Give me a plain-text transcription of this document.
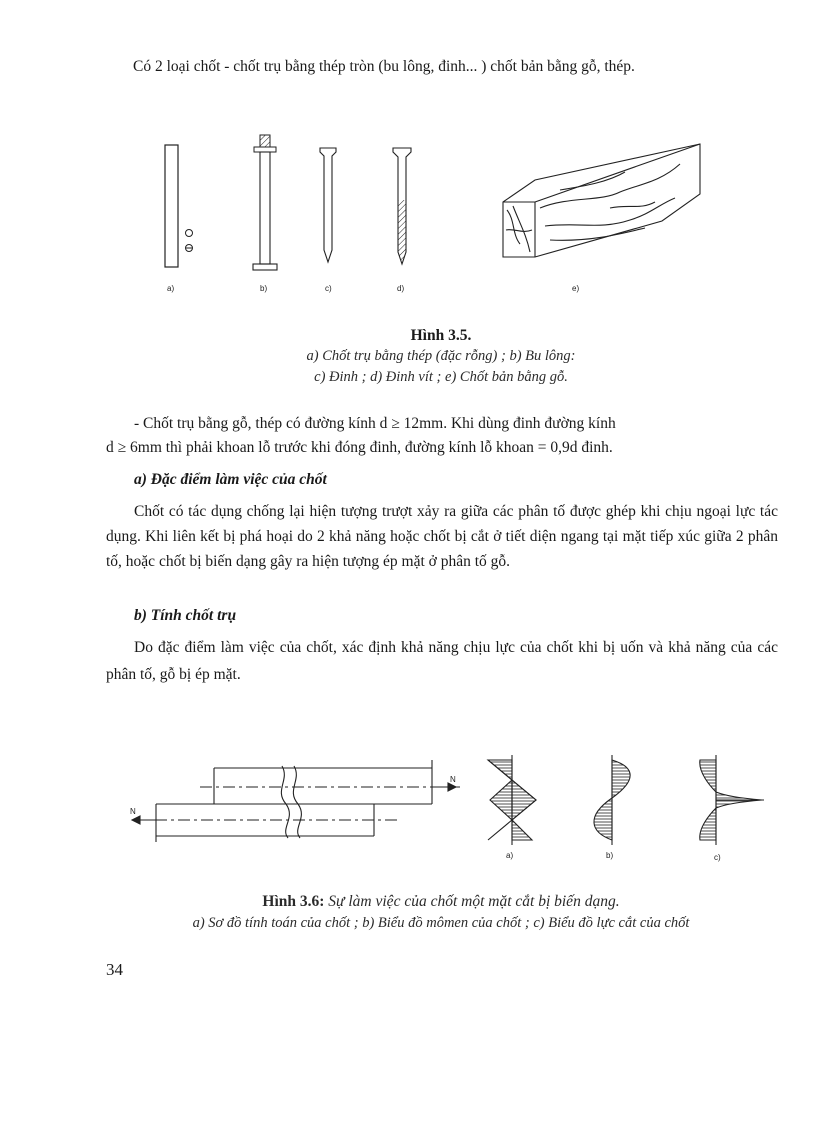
Có 2 loại chốt - chốt trụ bằng thép tròn (bu lông, đinh... ) chốt bản bằng gỗ, thép.

a)	b)	c)	d)	e)
Hình 3.5.
a) Chốt trụ bằng thép (đặc rỗng) ; b) Bu lông:
c) Đinh ; d) Đinh vít ; e) Chốt bản bằng gỗ.

- Chốt trụ bằng gỗ, thép có đường kính d ≥ 12mm. Khi dùng đinh đường kính

d ≥ 6mm thì phải khoan lỗ trước khi đóng đinh, đường kính lỗ khoan = 0,9d đinh.

a) Đặc điểm làm việc của chốt

Chốt có tác dụng chống lại hiện tượng trượt xảy ra giữa các phân tố được ghép khi chịu ngoại lực tác dụng. Khi liên kết bị phá hoại do 2 khả năng hoặc chốt bị cắt ở tiết diện ngang tại mặt tiếp xúc giữa 2 phân tố, hoặc chốt bị biến dạng gây ra hiện tượng ép mặt ở phân tố gỗ.

b) Tính chốt trụ

Do đặc điểm làm việc của chốt, xác định khả năng chịu lực của chốt khi bị uốn và khả năng của các phân tố, gỗ bị ép mặt.

N
N
a)	b)	c)
Hình 3.6: Sự làm việc của chốt một mặt cắt bị biến dạng.
a) Sơ đồ tính toán của chốt ; b) Biểu đồ mômen của chốt ; c) Biểu đồ lực cắt của chốt
34
